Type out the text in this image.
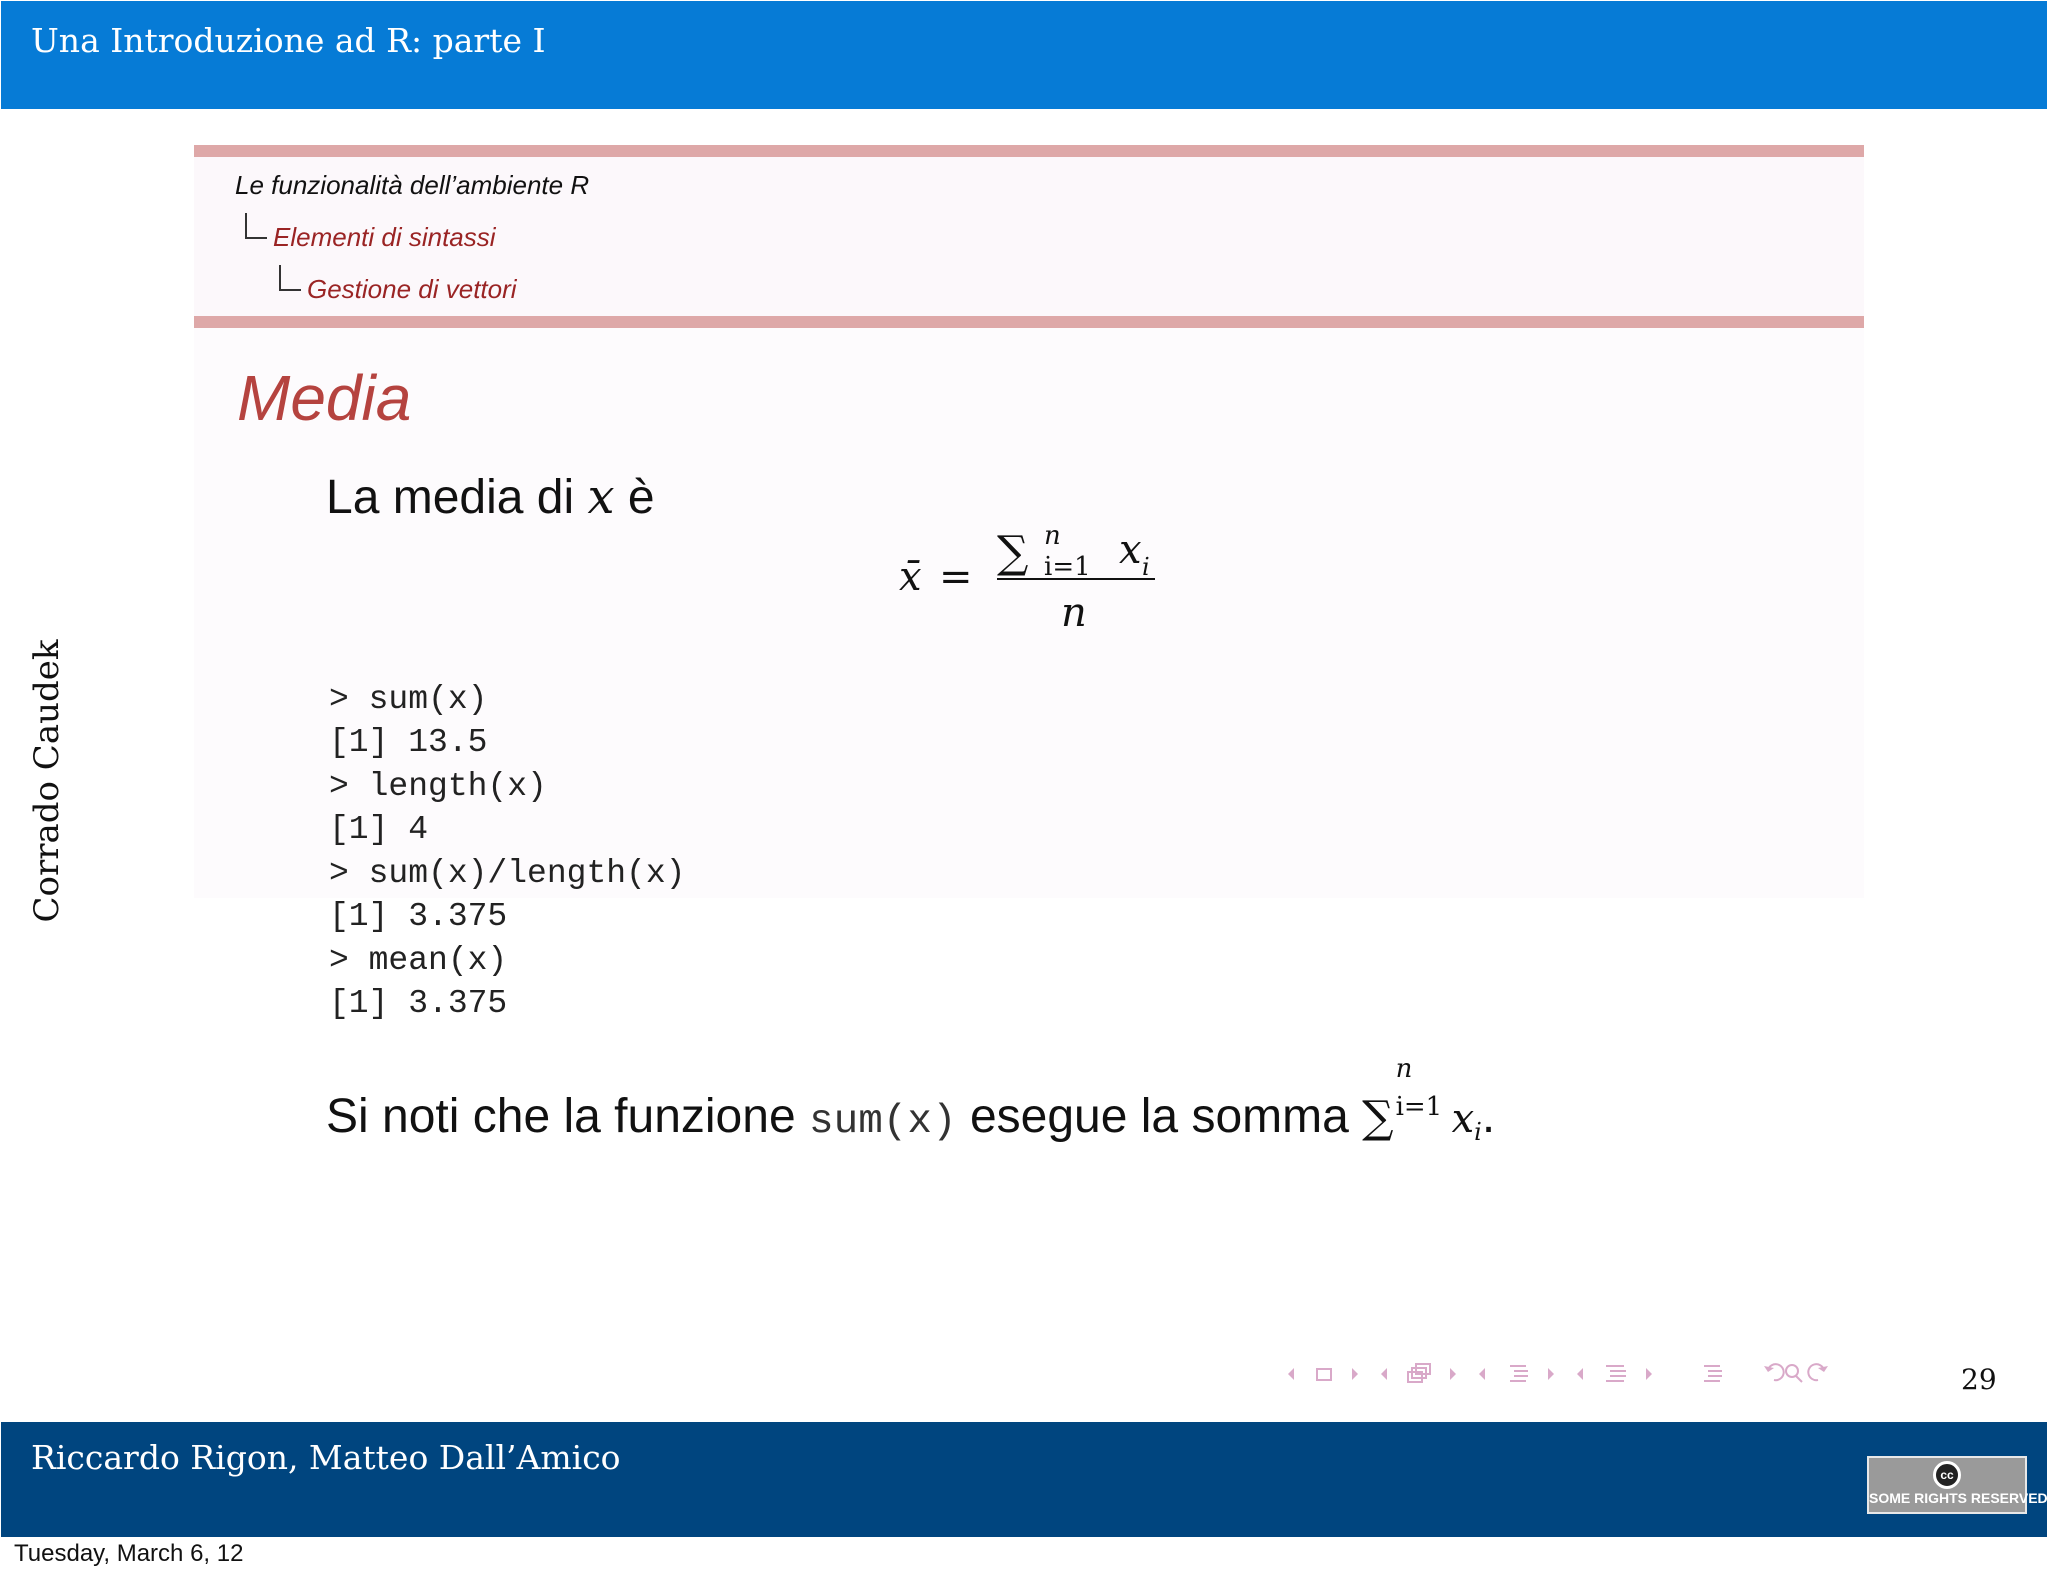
Una Introduzione ad R: parte I
Corrado Caudek
Le funzionalità dell’ambiente R
Elementi di sintassi
Gestione di vettori
Media
La media di x è
x̄ = ∑ n
i=1 x i
n
> sum(x)
[1] 13.5
> length(x)
[1] 4
> sum(x)/length(x)
[1] 3.375
> mean(x)
[1] 3.375
Si noti che la funzione sum(x) esegue la somma ∑
n
i=1 xi.
29
Riccardo Rigon, Matteo Dall’Amico	cc
SOME RIGHTS RESERVED
Tuesday, March 6, 12
